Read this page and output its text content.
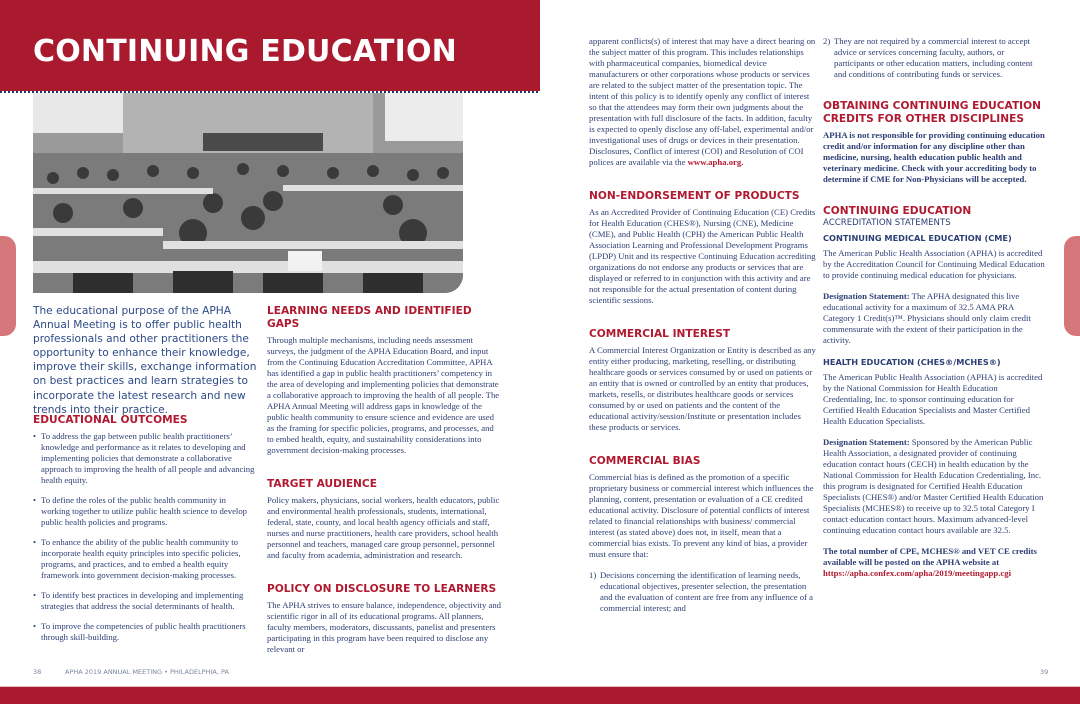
CONTINUING EDUCATION
The educational purpose of the APHA Annual Meeting is to offer public health professionals and other practitioners the opportunity to enhance their knowledge, improve their skills, exchange information on best practices and learn strategies to incorporate the latest research and new trends into their practice.
EDUCATIONAL OUTCOMES
• To address the gap between public health practitioners’ knowledge and performance as it relates to developing and implementing policies that demonstrate a collaborative approach to improving the health of all people and advancing health equity.
• To define the roles of the public health community in working together to utilize public health science to develop public health policies and programs.
• To enhance the ability of the public health community to incorporate health equity principles into specific policies, programs, and practices, and to embed a health equity framework into government decision-making processes.
• To identify best practices in developing and implementing strategies that address the social determinants of health.
• To improve the competencies of public health practitioners through skill-building.
LEARNING NEEDS AND IDENTIFIED GAPS

Through multiple mechanisms, including needs assessment surveys, the judgment of the APHA Education Board, and input from the Continuing Education Accreditation Committee, APHA has identified a gap in public health practitioners’ competency in the area of developing and implementing policies that demonstrate a collaborative approach to improving the health of all people. The APHA Annual Meeting will address gaps in knowledge of the public health community to ensure science and evidence are used as the framing for specific policies, programs, and processes, and to embed health, equity, and sustainability considerations into government decision-making processes.

TARGET AUDIENCE

Policy makers, physicians, social workers, health educators, public and environmental health professionals, students, international, federal, state, county, and local health agency officials and staff, nurses and nurse practitioners, health care providers, school health personnel and teachers, managed care group personnel, personnel and faculty from academia, administration and research.

POLICY ON DISCLOSURE TO LEARNERS

The APHA strives to ensure balance, independence, objectivity and scientific rigor in all of its educational programs. All planners, faculty members, moderators, discussants, panelist and presenters participating in this program have been required to disclose any relevant or

apparent conflicts(s) of interest that may have a direct bearing on the subject matter of this program. This includes relationships with pharmaceutical companies, biomedical device manufacturers or other corporations whose products or services are related to the subject matter of the presentation topic. The intent of this policy is to identify openly any conflict of interest so that the attendees may form their own judgments about the presentation with full disclosure of the facts. In addition, faculty is expected to openly disclose any off-label, experimental and/or investigational uses of drugs or devices in their presentation. Disclosures, Conflict of interest (COI) and Resolution of COI polices are available via the www.apha.org.

NON-ENDORSEMENT OF PRODUCTS

As an Accredited Provider of Continuing Education (CE) Credits for Health Education (CHES®), Nursing (CNE), Medicine (CME), and Public Health (CPH) the American Public Health Association Learning and Professional Development Programs (LPDP) Unit and its respective Continuing Education accrediting organizations do not endorse any products or services that are displayed or referred to in conjunction with this activity and are not responsible for the actual presentation of content during scientific sessions.

COMMERCIAL INTEREST

A Commercial Interest Organization or Entity is described as any entity either producing, marketing, reselling, or distributing healthcare goods or services consumed by or used on patients or an entity that is owned or controlled by an entity that produces, markets, resells, or distributes healthcare goods or services consumed by or used on patients and the content of the educational activity/session/Institute or presentation includes these products or services.

COMMERCIAL BIAS

Commercial bias is defined as the promotion of a specific proprietary business or commercial interest which influences the planning, content, presentation or evaluation of a CE credited educational activity. Disclosure of potential conflicts of interest related to financial relationships with business/ commercial interest (as stated above) does not, in itself, mean that a commercial bias exists. To prevent any kind of bias, a provider must ensure that:

1) Decisions concerning the identification of learning needs, educational objectives, presenter selection, the presentation and the evaluation of content are free from any influence of a commercial interest; and
2) They are not required by a commercial interest to accept advice or services concerning faculty, authors, or participants or other education matters, including content and conditions of contributing funds or services.
OBTAINING CONTINUING EDUCATION CREDITS FOR OTHER DISCIPLINES

APHA is not responsible for providing continuing education credit and/or information for any discipline other than medicine, nursing, health education public health and veterinary medicine. Check with your accrediting body to determine if CME for Non-Physicians will be accepted.

CONTINUING EDUCATION
ACCREDITATION STATEMENTS
CONTINUING MEDICAL EDUCATION (CME)

The American Public Health Association (APHA) is accredited by the Accreditation Council for Continuing Medical Education to provide continuing medical education for physicians.

Designation Statement: The APHA designated this live educational activity for a maximum of 32.5 AMA PRA Category 1 Credit(s)™. Physicians should only claim credit commensurate with the extent of their participation in the activity.

HEALTH EDUCATION (CHES®/MCHES®)

The American Public Health Association (APHA) is accredited by the National Commission for Health Education Credentialing, Inc. to sponsor continuing education for Certified Health Education Specialists and Master Certified Health Education Specialists.

Designation Statement: Sponsored by the American Public Health Association, a designated provider of continuing education contact hours (CECH) in health education by the National Commission for Health Education Credentialing, Inc. this program is designated for Certified Health Education Specialists (CHES®) and/or Master Certified Health Education Specialists (MCHES®) to receive up to 32.5 total Category I contact education contact hours. Maximum advanced-level continuing education contact hours available are 32.5.

The total number of CPE, MCHES® and VET CE credits available will be posted on the APHA website at https://apha.confex.com/apha/2019/meetingapp.cgi

38	APHA 2019 ANNUAL MEETING • PHILADELPHIA, PA	39
